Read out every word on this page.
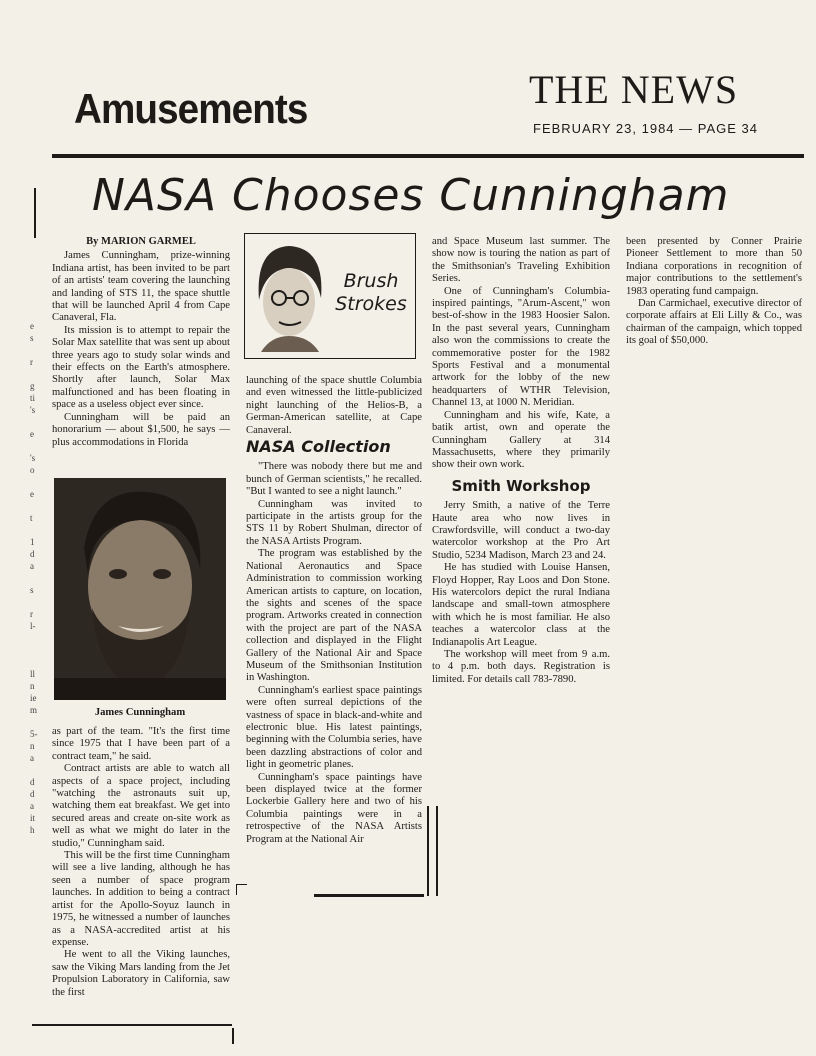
Amusements	THE NEWS
FEBRUARY 23, 1984 — PAGE 34
e
s
r
g
ti
's
e
's
o
e
t
1
d
a
s
r
l-
ll
n
ie
m
5-
n
a
d
d
a
it
h
NASA Chooses Cunningham
By MARION GARMEL

James Cunningham, prize-winning Indiana artist, has been invited to be part of an artists' team covering the launching and landing of STS 11, the space shuttle that will be launched April 4 from Cape Canaveral, Fla.

Its mission is to attempt to repair the Solar Max satellite that was sent up about three years ago to study solar winds and their effects on the Earth's atmosphere. Shortly after launch, Solar Max malfunctioned and has been floating in space as a useless object ever since.

Cunningham will be paid an honorarium — about $1,500, he says — plus accommodations in Florida

James Cunningham

as part of the team. "It's the first time since 1975 that I have been part of a contract team," he said.

Contract artists are able to watch all aspects of a space project, including "watching the astronauts suit up, watching them eat breakfast. We get into secured areas and create on-site work as well as what we might do later in the studio," Cunningham said.

This will be the first time Cunningham will see a live landing, although he has seen a number of space program launches. In addition to being a contract artist for the Apollo-Soyuz launch in 1975, he witnessed a number of launches as a NASA-accredited artist at his expense.

He went to all the Viking launches, saw the Viking Mars landing from the Jet Propulsion Laboratory in California, saw the first

Brush
Strokes

launching of the space shuttle Columbia and even witnessed the little-publicized night launching of the Helios-B, a German-American satellite, at Cape Canaveral.

NASA Collection

"There was nobody there but me and bunch of German scientists," he recalled. "But I wanted to see a night launch."

Cunningham was invited to participate in the artists group for the STS 11 by Robert Shulman, director of the NASA Artists Program.

The program was established by the National Aeronautics and Space Administration to commission working American artists to capture, on location, the sights and scenes of the space program. Artworks created in connection with the project are part of the NASA collection and displayed in the Flight Gallery of the National Air and Space Museum of the Smithsonian Institution in Washington.

Cunningham's earliest space paintings were often surreal depictions of the vastness of space in black-and-white and electronic blue. His latest paintings, beginning with the Columbia series, have been dazzling abstractions of color and light in geometric planes.

Cunningham's space paintings have been displayed twice at the former Lockerbie Gallery here and two of his Columbia paintings were in a retrospective of the NASA Artists Program at the National Air

and Space Museum last summer. The show now is touring the nation as part of the Smithsonian's Traveling Exhibition Series.

One of Cunningham's Columbia-inspired paintings, "Arum-Ascent," won best-of-show in the 1983 Hoosier Salon. In the past several years, Cunningham also won the commissions to create the commemorative poster for the 1982 Sports Festival and a monumental artwork for the lobby of the new headquarters of WTHR Television, Channel 13, at 1000 N. Meridian.

Cunningham and his wife, Kate, a batik artist, own and operate the Cunningham Gallery at 314 Massachusetts, where they primarily show their own work.

Smith Workshop

Jerry Smith, a native of the Terre Haute area who now lives in Crawfordsville, will conduct a two-day watercolor workshop at the Pro Art Studio, 5234 Madison, March 23 and 24.

He has studied with Louise Hansen, Floyd Hopper, Ray Loos and Don Stone. His watercolors depict the rural Indiana landscape and small-town atmosphere with which he is most familiar. He also teaches a watercolor class at the Indianapolis Art League.

The workshop will meet from 9 a.m. to 4 p.m. both days. Registration is limited. For details call 783-7890.

been presented by Conner Prairie Pioneer Settlement to more than 50 Indiana corporations in recognition of major contributions to the settlement's 1983 operating fund campaign.

Dan Carmichael, executive director of corporate affairs at Eli Lilly & Co., was chairman of the campaign, which topped its goal of $50,000.
